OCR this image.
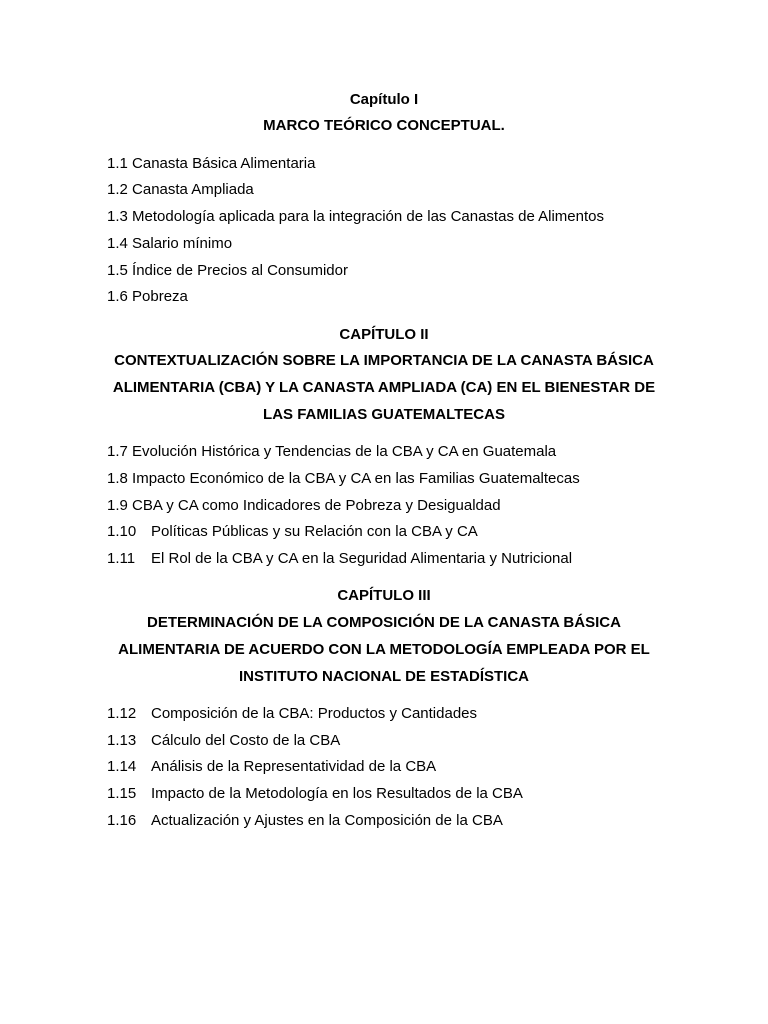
Capítulo I

MARCO TEÓRICO CONCEPTUAL.

1.1 Canasta Básica Alimentaria

1.2 Canasta Ampliada

1.3 Metodología aplicada para la integración de las Canastas de Alimentos

1.4 Salario mínimo

1.5 Índice de Precios al Consumidor

1.6 Pobreza

CAPÍTULO II

CONTEXTUALIZACIÓN SOBRE LA IMPORTANCIA DE LA CANASTA BÁSICA

ALIMENTARIA (CBA) Y LA CANASTA AMPLIADA (CA) EN EL BIENESTAR DE

LAS FAMILIAS GUATEMALTECAS

1.7 Evolución Histórica y Tendencias de la CBA y CA en Guatemala

1.8 Impacto Económico de la CBA y CA en las Familias Guatemaltecas

1.9 CBA y CA como Indicadores de Pobreza y Desigualdad

1.10 Políticas Públicas y su Relación con la CBA y CA

1.11 El Rol de la CBA y CA en la Seguridad Alimentaria y Nutricional

CAPÍTULO III

DETERMINACIÓN DE LA COMPOSICIÓN DE LA CANASTA BÁSICA

ALIMENTARIA DE ACUERDO CON LA METODOLOGÍA EMPLEADA POR EL

INSTITUTO NACIONAL DE ESTADÍSTICA

1.12 Composición de la CBA: Productos y Cantidades

1.13 Cálculo del Costo de la CBA

1.14 Análisis de la Representatividad de la CBA

1.15 Impacto de la Metodología en los Resultados de la CBA

1.16 Actualización y Ajustes en la Composición de la CBA
